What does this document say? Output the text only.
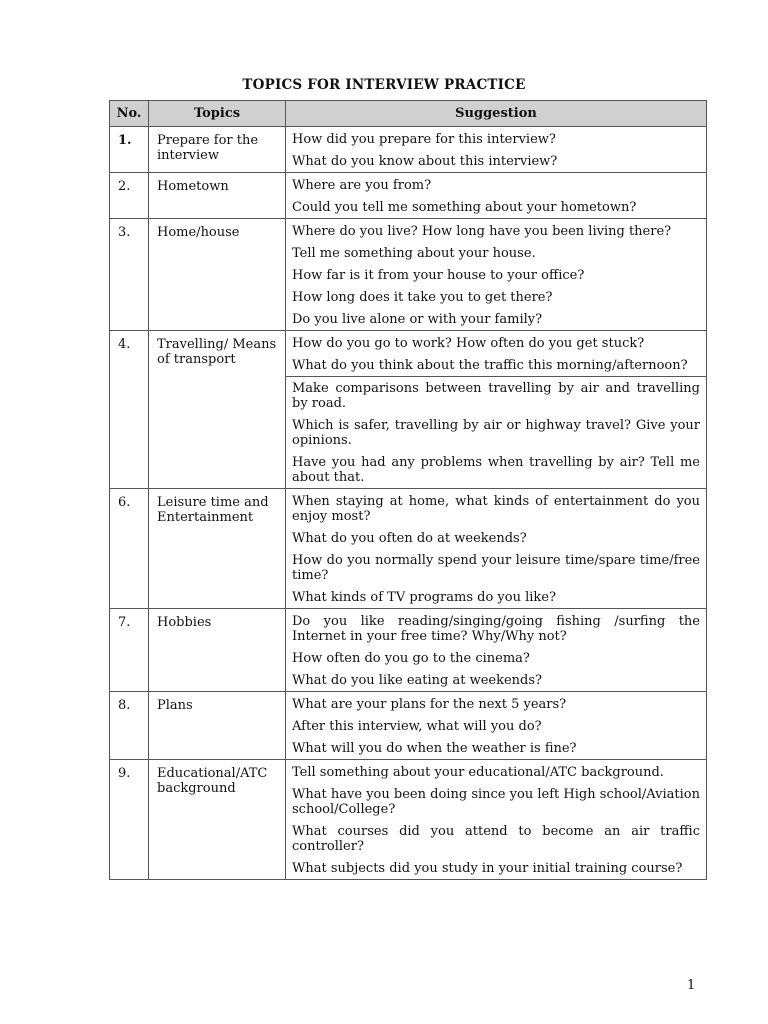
TOPICS FOR INTERVIEW PRACTICE
No.	Topics	Suggestion
1.	Prepare for the interview	How did you prepare for this interview?
What do you know about this interview?

2.	Hometown	Where are you from?
Could you tell me something about your hometown?

3.	Home/house	Where do you live? How long have you been living there?
Tell me something about your house.
How far is it from your house to your office?
How long does it take you to get there?
Do you live alone or with your family?

4.	Travelling/ Means of transport	How do you go to work? How often do you get stuck?
What do you think about the traffic this morning/afternoon?
Make comparisons between travelling by air and travelling by road.
Which is safer, travelling by air or highway travel? Give your opinions.
Have you had any problems when travelling by air? Tell me about that.

6.	Leisure time and Entertainment	When staying at home, what kinds of entertainment do you enjoy most?
What do you often do at weekends?
How do you normally spend your leisure time/spare time/free time?
What kinds of TV programs do you like?

7.	Hobbies	Do you like reading/singing/going fishing /surfing the Internet in your free time? Why/Why not?
How often do you go to the cinema?
What do you like eating at weekends?

8.	Plans	What are your plans for the next 5 years?
After this interview, what will you do?
What will you do when the weather is fine?

9.	Educational/ATC background	Tell something about your educational/ATC background.
What have you been doing since you left High school/Aviation school/College?
What courses did you attend to become an air traffic controller?
What subjects did you study in your initial training course?
1
